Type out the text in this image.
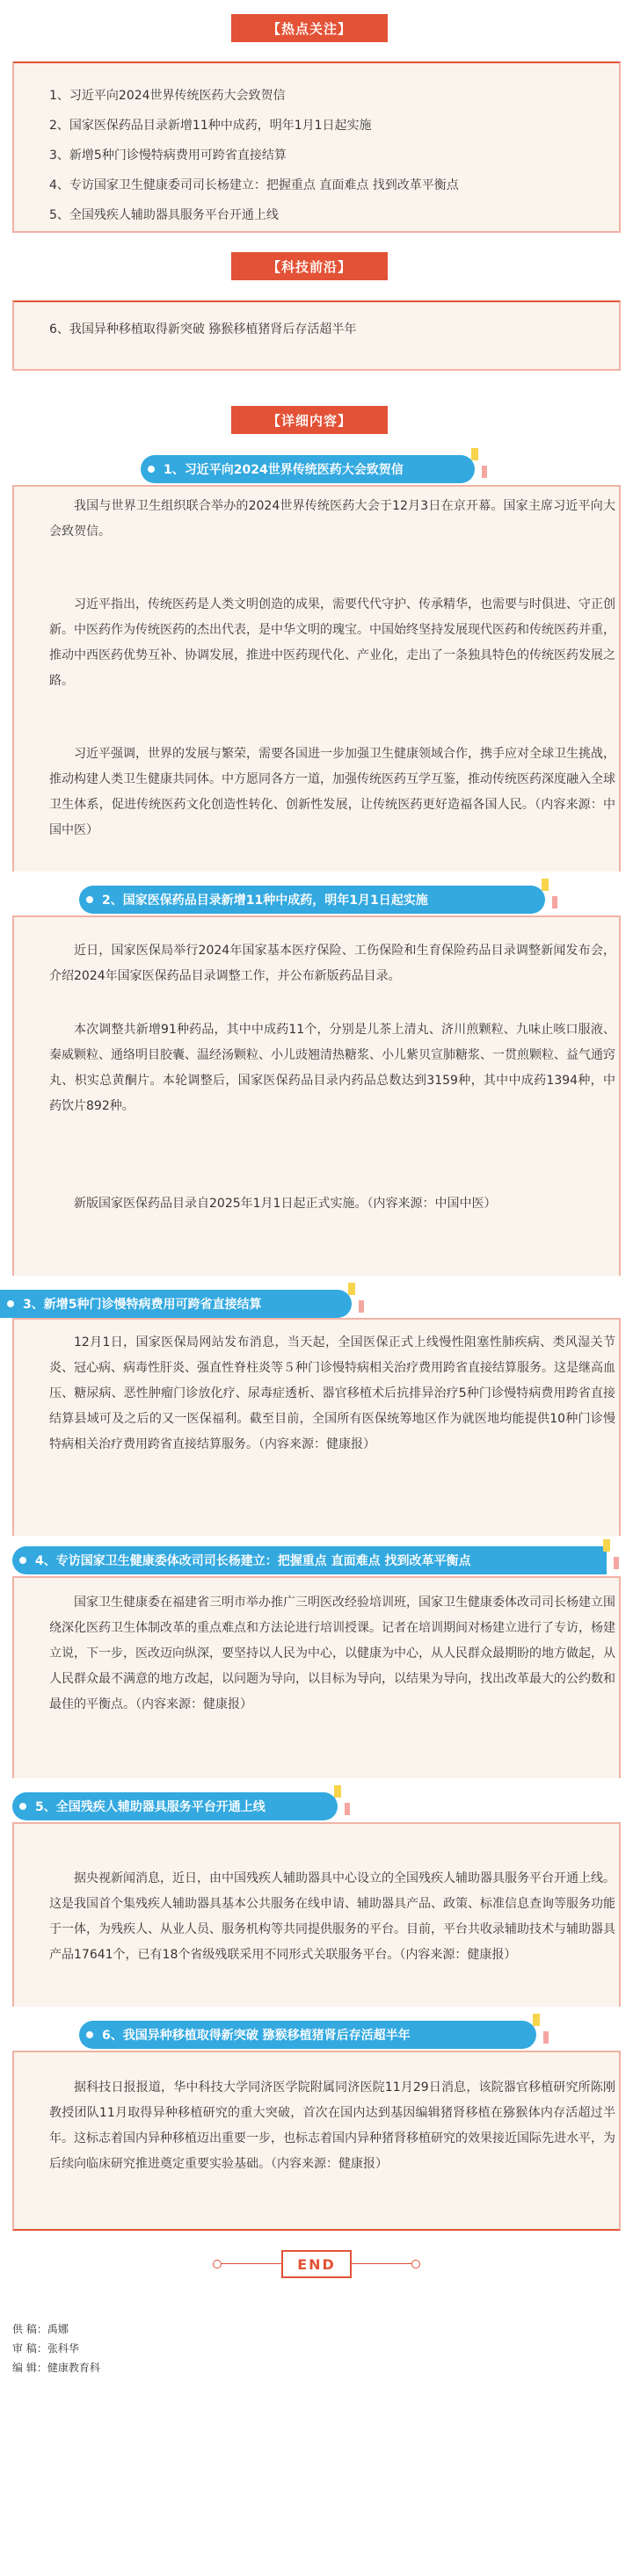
【热点关注】
1、习近平向2024世界传统医药大会致贺信
2、国家医保药品目录新增11种中成药，明年1月1日起实施
3、新增5种门诊慢特病费用可跨省直接结算
4、专访国家卫生健康委司司长杨建立：把握重点 直面难点 找到改革平衡点
5、全国残疾人辅助器具服务平台开通上线
【科技前沿】
6、我国异种移植取得新突破 猕猴移植猪肾后存活超半年
【详细内容】
1、习近平向2024世界传统医药大会致贺信

我国与世界卫生组织联合举办的2024世界传统医药大会于12月3日在京开幕。国家主席习近平向大会致贺信。

习近平指出，传统医药是人类文明创造的成果，需要代代守护、传承精华，也需要与时俱进、守正创新。中医药作为传统医药的杰出代表，是中华文明的瑰宝。中国始终坚持发展现代医药和传统医药并重，推动中西医药优势互补、协调发展，推进中医药现代化、产业化，走出了一条独具特色的传统医药发展之路。

习近平强调，世界的发展与繁荣，需要各国进一步加强卫生健康领域合作，携手应对全球卫生挑战，推动构建人类卫生健康共同体。中方愿同各方一道，加强传统医药互学互鉴，推动传统医药深度融入全球卫生体系，促进传统医药文化创造性转化、创新性发展，让传统医药更好造福各国人民。（内容来源：中国中医）

2、国家医保药品目录新增11种中成药，明年1月1日起实施

近日，国家医保局举行2024年国家基本医疗保险、工伤保险和生育保险药品目录调整新闻发布会，介绍2024年国家医保药品目录调整工作，并公布新版药品目录。

本次调整共新增91种药品，其中中成药11个，分别是儿茶上清丸、济川煎颗粒、九味止咳口服液、秦威颗粒、通络明目胶囊、温经汤颗粒、小儿豉翘清热糖浆、小儿紫贝宣肺糖浆、一贯煎颗粒、益气通窍丸、枳实总黄酮片。本轮调整后，国家医保药品目录内药品总数达到3159种，其中中成药1394种，中药饮片892种。

新版国家医保药品目录自2025年1月1日起正式实施。（内容来源：中国中医）

3、新增5种门诊慢特病费用可跨省直接结算

12月1日，国家医保局网站发布消息，当天起，全国医保正式上线慢性阻塞性肺疾病、类风湿关节炎、冠心病、病毒性肝炎、强直性脊柱炎等５种门诊慢特病相关治疗费用跨省直接结算服务。这是继高血压、糖尿病、恶性肿瘤门诊放化疗、尿毒症透析、器官移植术后抗排异治疗5种门诊慢特病费用跨省直接结算县域可及之后的又一医保福利。截至目前，全国所有医保统筹地区作为就医地均能提供10种门诊慢特病相关治疗费用跨省直接结算服务。（内容来源：健康报）

4、专访国家卫生健康委体改司司长杨建立：把握重点 直面难点 找到改革平衡点

国家卫生健康委在福建省三明市举办推广三明医改经验培训班，国家卫生健康委体改司司长杨建立围绕深化医药卫生体制改革的重点难点和方法论进行培训授课。记者在培训期间对杨建立进行了专访，杨建立说，下一步，医改迈向纵深，要坚持以人民为中心，以健康为中心，从人民群众最期盼的地方做起，从人民群众最不满意的地方改起，以问题为导向，以目标为导向，以结果为导向，找出改革最大的公约数和最佳的平衡点。（内容来源：健康报）

5、全国残疾人辅助器具服务平台开通上线

据央视新闻消息，近日，由中国残疾人辅助器具中心设立的全国残疾人辅助器具服务平台开通上线。这是我国首个集残疾人辅助器具基本公共服务在线申请、辅助器具产品、政策、标准信息查询等服务功能于一体，为残疾人、从业人员、服务机构等共同提供服务的平台。目前，平台共收录辅助技术与辅助器具产品17641个，已有18个省级残联采用不同形式关联服务平台。（内容来源：健康报）

6、我国异种移植取得新突破 猕猴移植猪肾后存活超半年

据科技日报报道，华中科技大学同济医学院附属同济医院11月29日消息，该院器官移植研究所陈刚教授团队11月取得异种移植研究的重大突破，首次在国内达到基因编辑猪肾移植在猕猴体内存活超过半年。这标志着国内异种移植迈出重要一步，也标志着国内异种猪肾移植研究的效果接近国际先进水平，为后续向临床研究推进奠定重要实验基础。（内容来源：健康报）

END
供 稿：禹娜
审 稿：张科华
编 辑：健康教育科
